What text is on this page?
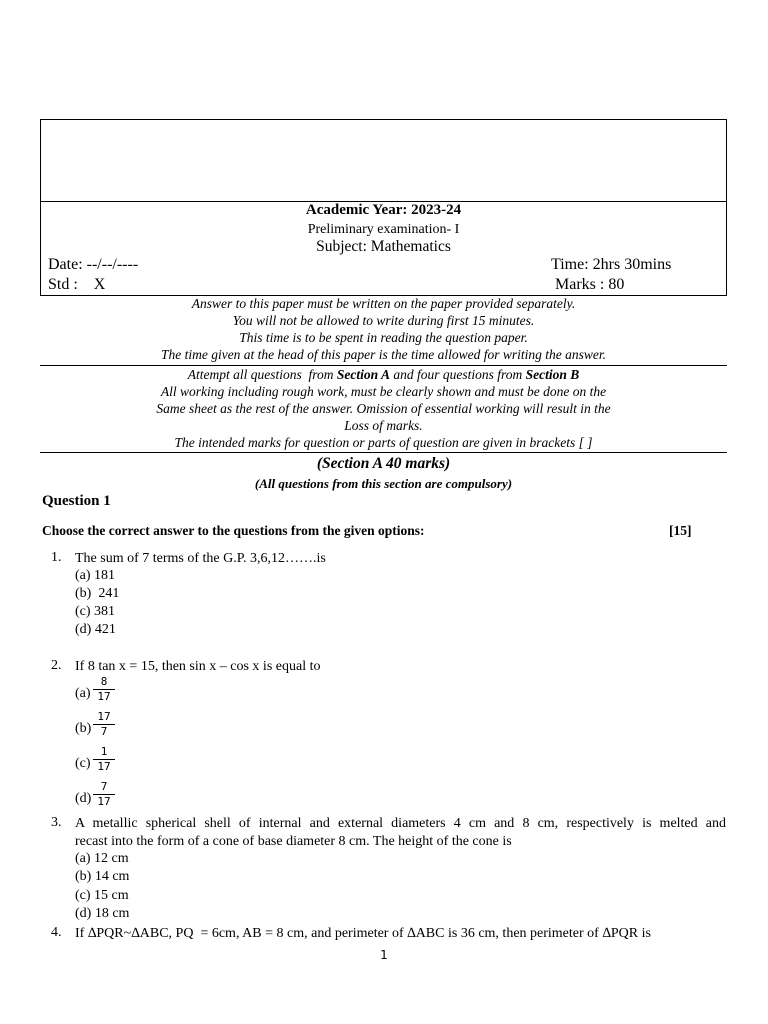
Academic Year: 2023-24
Preliminary examination- I
Subject: Mathematics
Date: --/--/----	Time: 2hrs 30mins
Std :    X	Marks : 80
Answer to this paper must be written on the paper provided separately.
You will not be allowed to write during first 15 minutes.
This time is to be spent in reading the question paper.
The time given at the head of this paper is the time allowed for writing the answer.
Attempt all questions  from Section A and four questions from Section B
All working including rough work, must be clearly shown and must be done on the
Same sheet as the rest of the answer. Omission of essential working will result in the
Loss of marks.
The intended marks for question or parts of question are given in brackets [ ]
(Section A 40 marks)
(All questions from this section are compulsory)
Question 1
Choose the correct answer to the questions from the given options:	[15]
1. The sum of 7 terms of the G.P. 3,6,12…….is
(a) 181
(b)  241
(c) 381
(d) 421
2. If 8 tan x = 15, then sin x – cos x is equal to
(a)
8
17
(b)
17
7
(c)
1
17
(d)
7
17
3. A metallic spherical shell of internal and external diameters 4 cm and 8 cm, respectively is melted and
recast into the form of a cone of base diameter 8 cm. The height of the cone is
(a) 12 cm
(b) 14 cm
(c) 15 cm
(d) 18 cm
4. If ∆PQR~∆ABC, PQ  = 6cm, AB = 8 cm, and perimeter of ∆ABC is 36 cm, then perimeter of ∆PQR is
1
